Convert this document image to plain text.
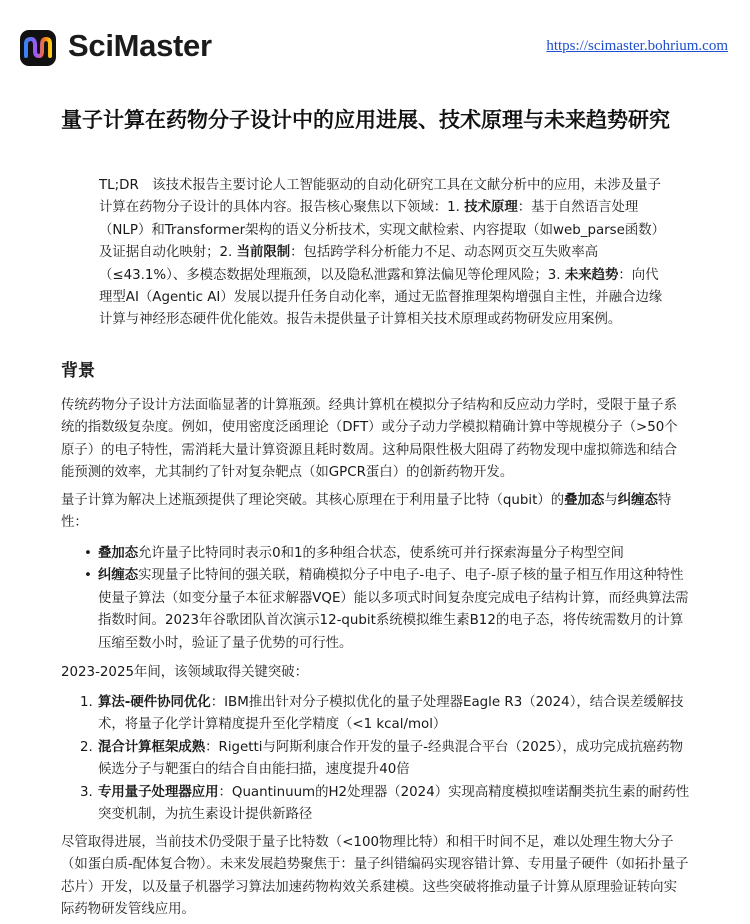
SciMaster	https://scimaster.bohrium.com
量子计算在药物分子设计中的应用进展、技术原理与未来趋势研究

TL;DR　该技术报告主要讨论人工智能驱动的自动化研究工具在文献分析中的应用，未涉及量子计算在药物分子设计的具体内容。报告核心聚焦以下领域：1. 技术原理：基于自然语言处理（NLP）和Transformer架构的语义分析技术，实现文献检索、内容提取（如web_parse函数）及证据自动化映射；2. 当前限制：包括跨学科分析能力不足、动态网页交互失败率高（≤43.1%）、多模态数据处理瓶颈，以及隐私泄露和算法偏见等伦理风险；3. 未来趋势：向代理型AI（Agentic AI）发展以提升任务自动化率，通过无监督推理架构增强自主性，并融合边缘计算与神经形态硬件优化能效。报告未提供量子计算相关技术原理或药物研发应用案例。

背景

传统药物分子设计方法面临显著的计算瓶颈。经典计算机在模拟分子结构和反应动力学时，受限于量子系统的指数级复杂度。例如，使用密度泛函理论（DFT）或分子动力学模拟精确计算中等规模分子（>50个原子）的电子特性，需消耗大量计算资源且耗时数周。这种局限性极大阻碍了药物发现中虚拟筛选和结合能预测的效率，尤其制约了针对复杂靶点（如GPCR蛋白）的创新药物开发。

量子计算为解决上述瓶颈提供了理论突破。其核心原理在于利用量子比特（qubit）的叠加态与纠缠态特性：

• 叠加态允许量子比特同时表示0和1的多种组合状态，使系统可并行探索海量分子构型空间
• 纠缠态实现量子比特间的强关联，精确模拟分子中电子-电子、电子-原子核的量子相互作用这种特性使量子算法（如变分量子本征求解器VQE）能以多项式时间复杂度完成电子结构计算，而经典算法需指数时间。2023年谷歌团队首次演示12-qubit系统模拟维生素B12的电子态，将传统需数月的计算压缩至数小时，验证了量子优势的可行性。

2023-2025年间，该领域取得关键突破：

1. 算法-硬件协同优化：IBM推出针对分子模拟优化的量子处理器Eagle R3（2024），结合误差缓解技术，将量子化学计算精度提升至化学精度（<1 kcal/mol）
2. 混合计算框架成熟：Rigetti与阿斯利康合作开发的量子-经典混合平台（2025），成功完成抗癌药物候选分子与靶蛋白的结合自由能扫描，速度提升40倍
3. 专用量子处理器应用：Quantinuum的H2处理器（2024）实现高精度模拟喹诺酮类抗生素的耐药性突变机制，为抗生素设计提供新路径

尽管取得进展，当前技术仍受限于量子比特数（<100物理比特）和相干时间不足，难以处理生物大分子（如蛋白质-配体复合物）。未来发展趋势聚焦于：量子纠错编码实现容错计算、专用量子硬件（如拓扑量子芯片）开发，以及量子机器学习算法加速药物构效关系建模。这些突破将推动量子计算从原理验证转向实际药物研发管线应用。
